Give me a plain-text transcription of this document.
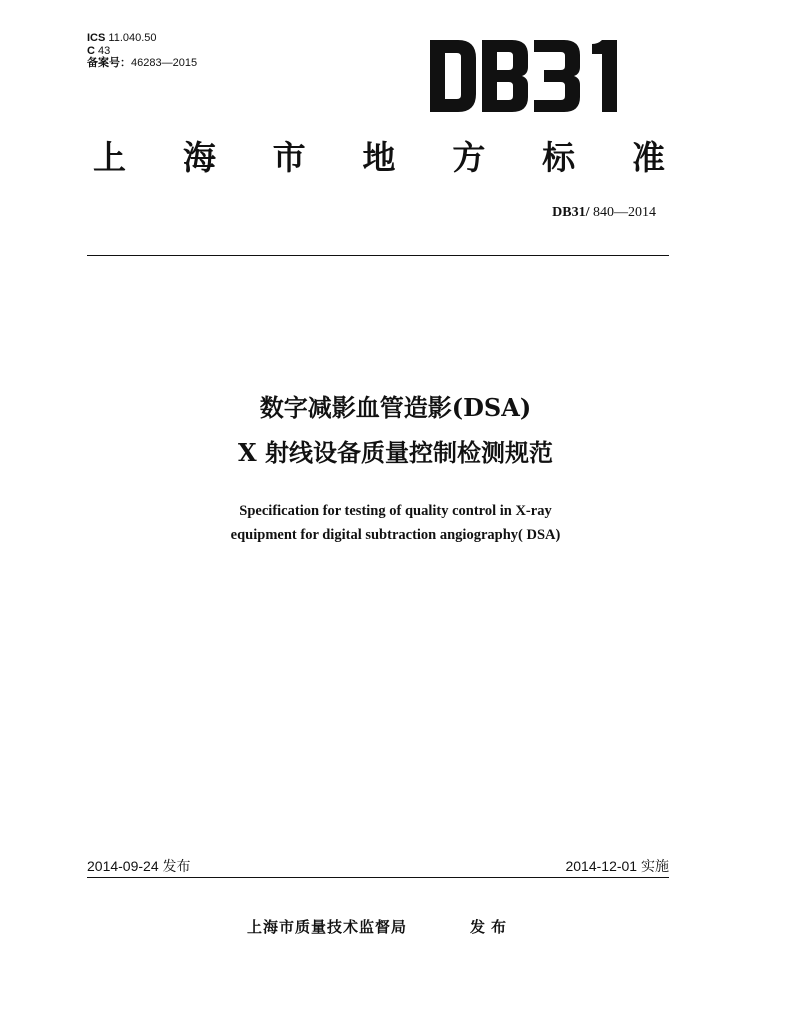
ICS 11.040.50
C 43
备案号：46283—2015
上 海 市 地 方 标 准
DB31/ 840—2014
数字减影血管造影(DSA)
X 射线设备质量控制检测规范
Specification for testing of quality control in X-ray
equipment for digital subtraction angiography( DSA)
2014-09-24 发布	2014-12-01 实施
上海市质量技术监督局	发布
